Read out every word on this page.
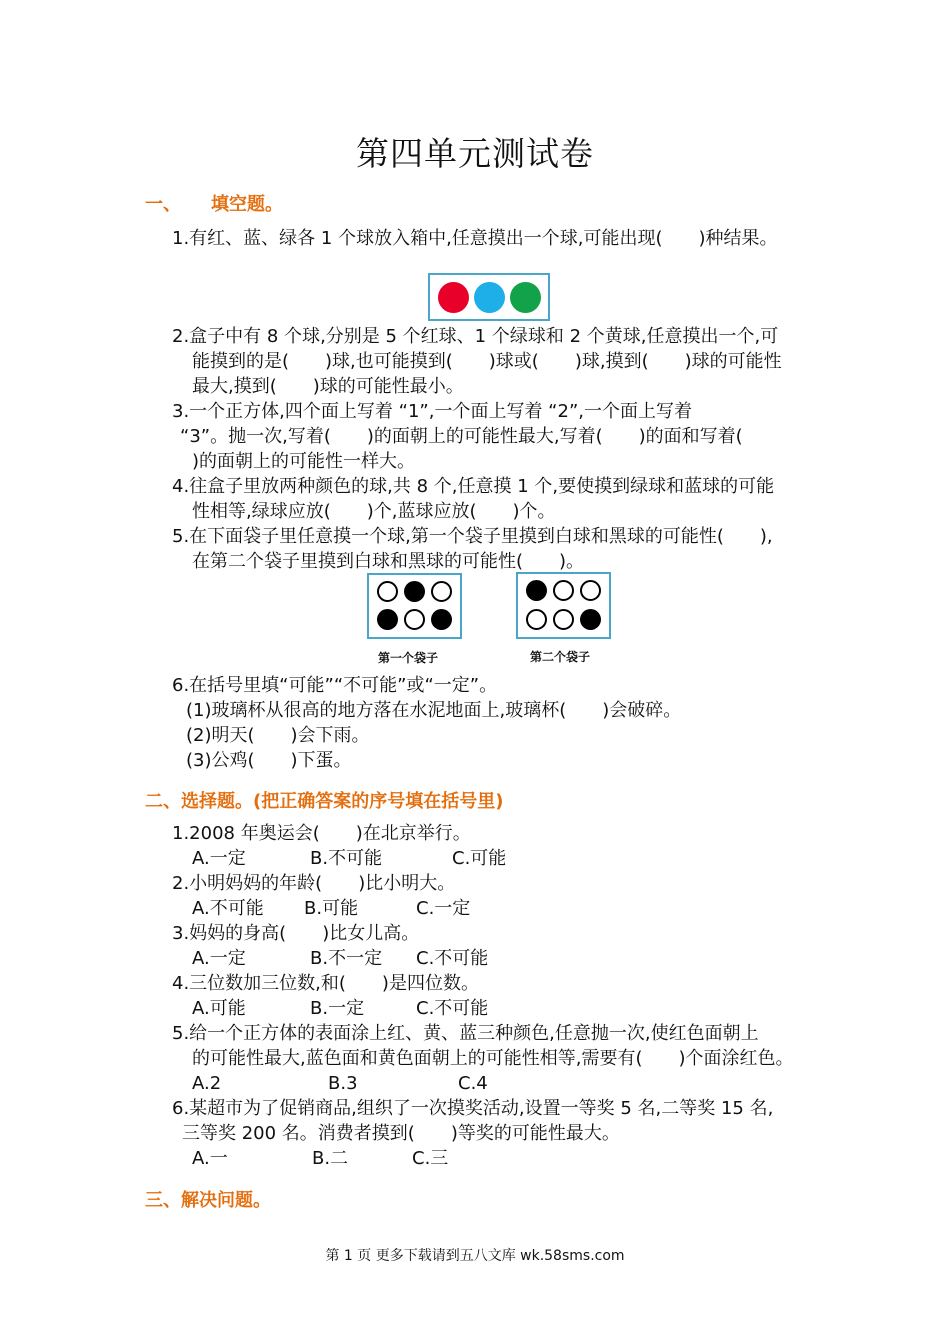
第四单元测试卷
一、 填空题。
1.有红、蓝、绿各 1 个球放入箱中,任意摸出一个球,可能出现(　　)种结果。
2.盒子中有 8 个球,分别是 5 个红球、1 个绿球和 2 个黄球,任意摸出一个,可
能摸到的是(　　)球,也可能摸到(　　)球或(　　)球,摸到(　　)球的可能性
最大,摸到(　　)球的可能性最小。
3.一个正方体,四个面上写着 “1”,一个面上写着 “2”,一个面上写着
“3”。抛一次,写着(　　)的面朝上的可能性最大,写着(　　)的面和写着(
)的面朝上的可能性一样大。
4.往盒子里放两种颜色的球,共 8 个,任意摸 1 个,要使摸到绿球和蓝球的可能
性相等,绿球应放(　　)个,蓝球应放(　　)个。
5.在下面袋子里任意摸一个球,第一个袋子里摸到白球和黑球的可能性(　　),
在第二个袋子里摸到白球和黑球的可能性(　　)。
第一个袋子	第二个袋子
6.在括号里填“可能”“不可能”或“一定”。
(1)玻璃杯从很高的地方落在水泥地面上,玻璃杯(　　)会破碎。
(2)明天(　　)会下雨。
(3)公鸡(　　)下蛋。
二、选择题。(把正确答案的序号填在括号里)
1.2008 年奥运会(　　)在北京举行。
A.一定	B.不可能	C.可能
2.小明妈妈的年龄(　　)比小明大。
A.不可能 B.可能	C.一定
3.妈妈的身高(　　)比女儿高。
A.一定	B.不一定 C.不可能
4.三位数加三位数,和(　　)是四位数。
A.可能	B.一定	C.不可能
5.给一个正方体的表面涂上红、黄、蓝三种颜色,任意抛一次,使红色面朝上
的可能性最大,蓝色面和黄色面朝上的可能性相等,需要有(　　)个面涂红色。
A.2	B.3	C.4
6.某超市为了促销商品,组织了一次摸奖活动,设置一等奖 5 名,二等奖 15 名,
三等奖 200 名。消费者摸到(　　)等奖的可能性最大。
A.一	B.二	C.三
三、解决问题。
第 1 页 更多下载请到五八文库 wk.58sms.com
